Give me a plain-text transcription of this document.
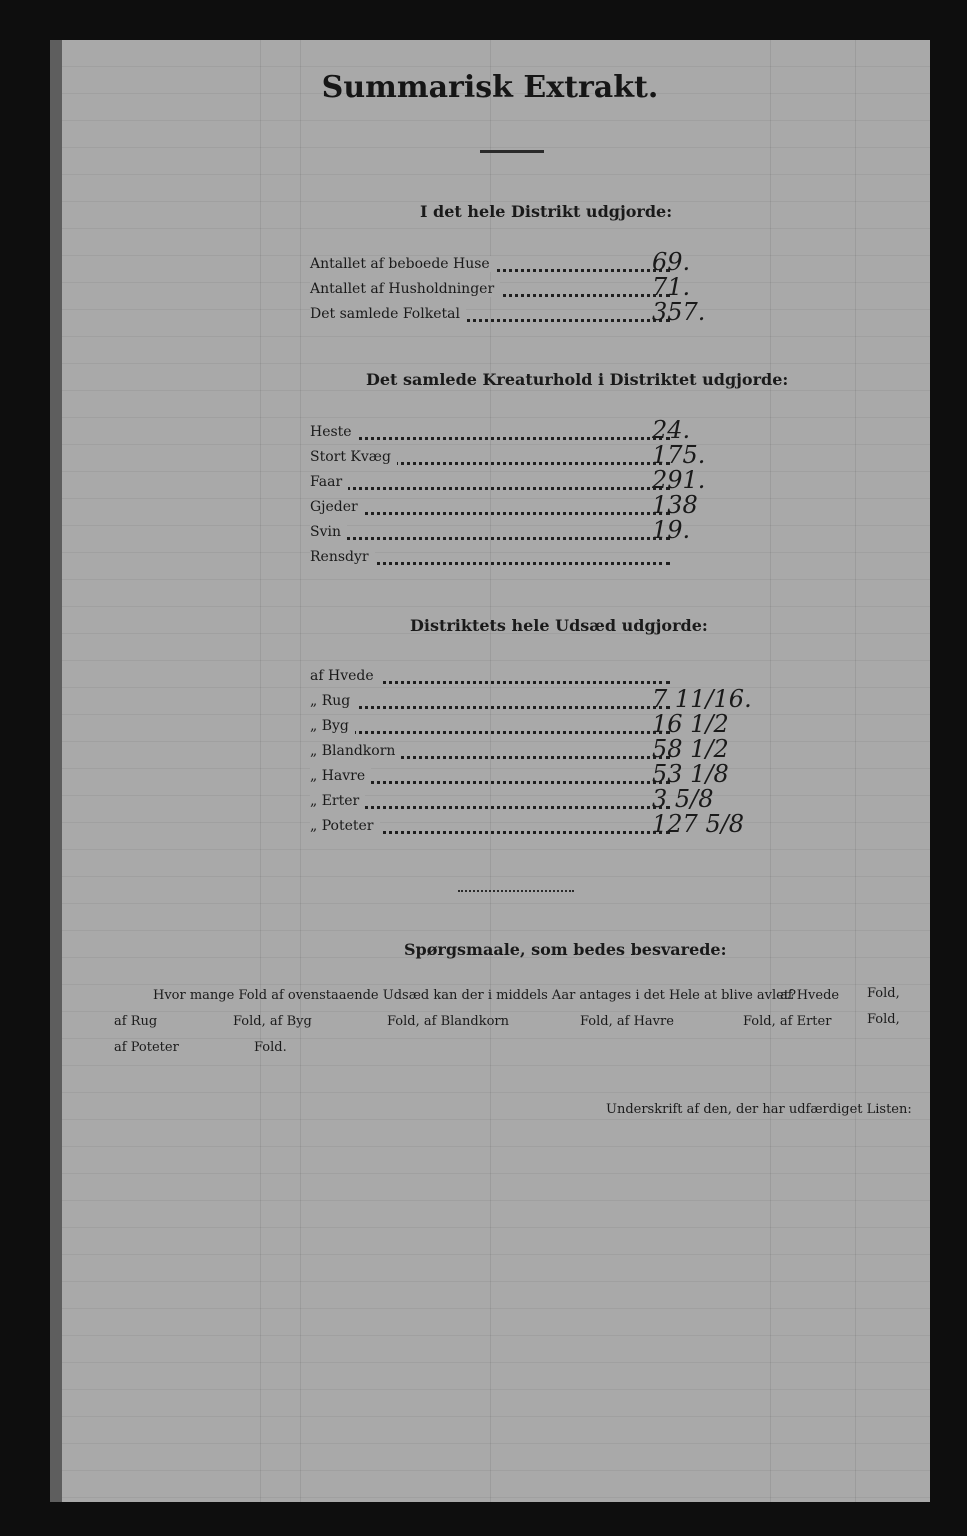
Summarisk Extrakt.
I det hele Distrikt udgjorde:
Antallet af beboede Huse	69.
Antallet af Husholdninger	71.
Det samlede Folketal	357.
Det samlede Kreaturhold i Distriktet udgjorde:
Heste	24.
Stort Kvæg	175.
Faar	291.
Gjeder	138
Svin	19.
Rensdyr
Distriktets hele Udsæd udgjorde:
af Hvede
„ Rug	7 11/16.
„ Byg	16 1/2
„ Blandkorn	58 1/2
„ Havre	53 1/8
„ Erter	3 5/8
„ Poteter	127 5/8
Spørgsmaale, som bedes besvarede:
Hvor mange Fold af ovenstaaende Udsæd kan der i middels Aar antages i det Hele at blive avlet?
af Hvede Fold,
af Rug	Fold, af Byg	Fold, af Blandkorn	Fold, af Havre	Fold, af Erter	Fold,
af Poteter	Fold.
Underskrift af den, der har udfærdiget Listen:
